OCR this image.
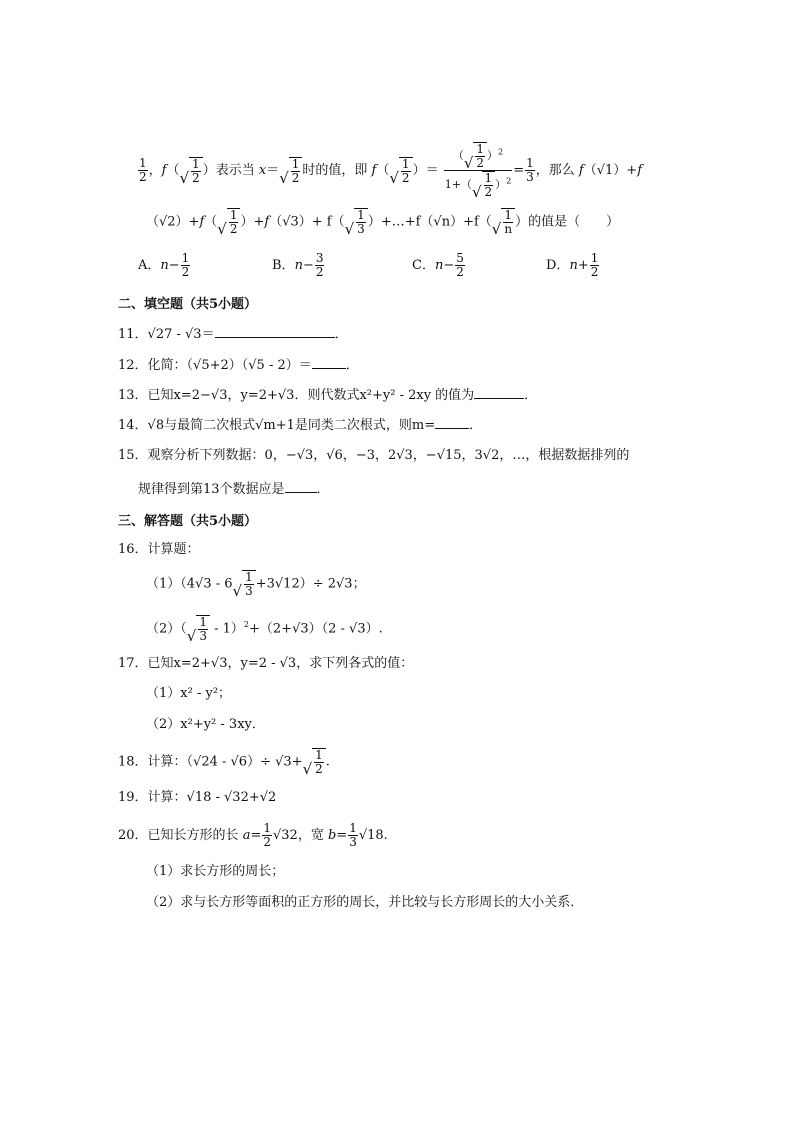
$\frac{1}{2}$ ，f（ √ $\frac{1}{2}$ ）表示当 x＝ √ $\frac{1}{2}$ 时的值，即 f（ √ $\frac{1}{2}$ ）＝ $\frac{( √ \frac{1}{2} )^2}{1+( √ \frac{1}{2} )^2} = \frac{1}{3}$ ，那么 f（√1）+f
（√2）+f（ √ $\frac{1}{2} )+f(√3)+ f$（ √ $\frac{1}{3}$ ）+…+f（√n）+f（ √ $\frac{1}{n}$ ）的值是（　　）
A．$n- \frac{1}{2}$	B．$n- \frac{3}{2}$	C．$n- \frac{5}{2}$	D．$n+ \frac{1}{2}$
二、填空题（共5小题）
11．√27 - √3＝	．
12．化简：（√5+2）（√5 - 2）＝	．
13．已知x=2−√3，y=2+√3．则代数式x²+y² - 2xy 的值为	．
14．√8与最简二次根式√m+1是同类二次根式，则m=	．
15．观察分析下列数据：0，−√3，√6，−3，2√3，−√15，3√2，…，根据数据排列的
规律得到第13个数据应是 ．
三、解答题（共5小题）
16．计算题：
（1）（4√3 - 6 √ $\frac{1}{3} +3√12)\div 2√3$；
（2）（ √ $\frac{1}{3} - 1)^2+(2+√3)(2 - √3)$.
17．已知x=2+√3，y=2 - √3，求下列各式的值：
（1）x² - y²；
（2）x²+y² - 3xy．
18．计算：（√24 - √6）÷ √3+ √ $\frac{1}{2}$ .
19．计算：√18 - √32+√2
20．已知长方形的长 $a= \frac{1}{2} √32$，宽 $b= \frac{1}{3} √18$.
（1）求长方形的周长；
（2）求与长方形等面积的正方形的周长，并比较与长方形周长的大小关系．
